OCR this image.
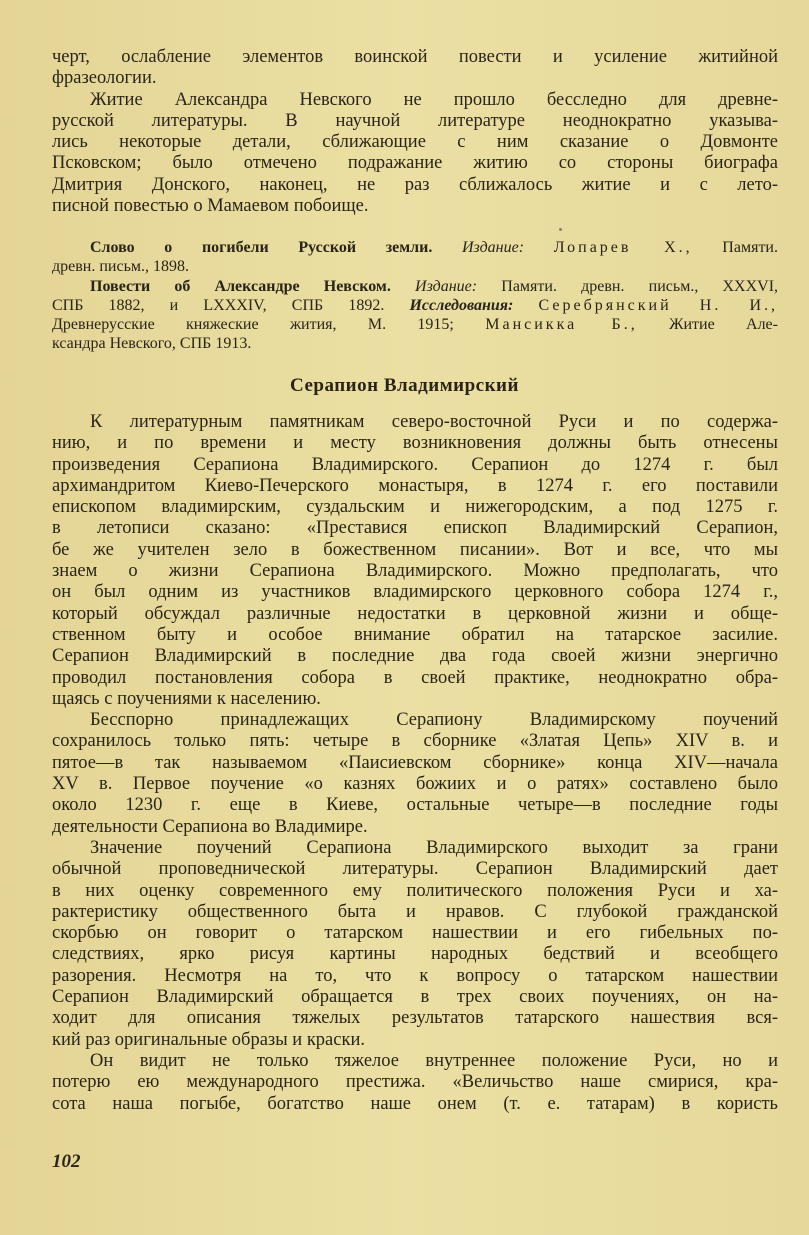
черт, ослабление элементов воинской повести и усиление житийной
фразеологии.
Житие Александра Невского не прошло бесследно для древне-
русской литературы. В научной литературе неоднократно указыва-
лись некоторые детали, сближающие с ним сказание о Довмонте
Псковском; было отмечено подражание житию со стороны биографа
Дмитрия Донского, наконец, не раз сближалось житие и с лето-
писной повестью о Мамаевом побоище.
Слово о погибели Русской земли. Издание: Лопарев Х., Памяти.
древн. письм., 1898.
Повести об Александре Невском. Издание: Памяти. древн. письм., XXXVI,
СПБ 1882, и LXXXIV, СПБ 1892. Исследования: Серебрянский Н. И.,
Древнерусские княжеские жития, М. 1915; Мансикка Б., Житие Але-
ксандра Невского, СПБ 1913.
Серапион Владимирский
К литературным памятникам северо-восточной Руси и по содержа-
нию, и по времени и месту возникновения должны быть отнесены
произведения Серапиона Владимирского. Серапион до 1274 г. был
архимандритом Киево-Печерского монастыря, в 1274 г. его поставили
епископом владимирским, суздальским и нижегородским, а под 1275 г.
в летописи сказано: «Преставися епископ Владимирский Серапион,
бе же учителен зело в божественном писании». Вот и все, что мы
знаем о жизни Серапиона Владимирского. Можно предполагать, что
он был одним из участников владимирского церковного собора 1274 г.,
который обсуждал различные недостатки в церковной жизни и обще-
ственном быту и особое внимание обратил на татарское засилие.
Серапион Владимирский в последние два года своей жизни энергично
проводил постановления собора в своей практике, неоднократно обра-
щаясь с поучениями к населению.
Бесспорно принадлежащих Серапиону Владимирскому поучений
сохранилось только пять: четыре в сборнике «Златая Цепь» XIV в. и
пятое—в так называемом «Паисиевском сборнике» конца XIV—начала
XV в. Первое поучение «о казнях божиих и о ратях» составлено было
около 1230 г. еще в Киеве, остальные четыре—в последние годы
деятельности Серапиона во Владимире.
Значение поучений Серапиона Владимирского выходит за грани
обычной проповеднической литературы. Серапион Владимирский дает
в них оценку современного ему политического положения Руси и ха-
рактеристику общественного быта и нравов. С глубокой гражданской
скорбью он говорит о татарском нашествии и его гибельных по-
следствиях, ярко рисуя картины народных бедствий и всеобщего
разорения. Несмотря на то, что к вопросу о татарском нашествии
Серапион Владимирский обращается в трех своих поучениях, он на-
ходит для описания тяжелых результатов татарского нашествия вся-
кий раз оригинальные образы и краски.
Он видит не только тяжелое внутреннее положение Руси, но и
потерю ею международного престижа. «Величьство наше смирися, кра-
сота наша погыбе, богатство наше онем (т. е. татарам) в користь
102
